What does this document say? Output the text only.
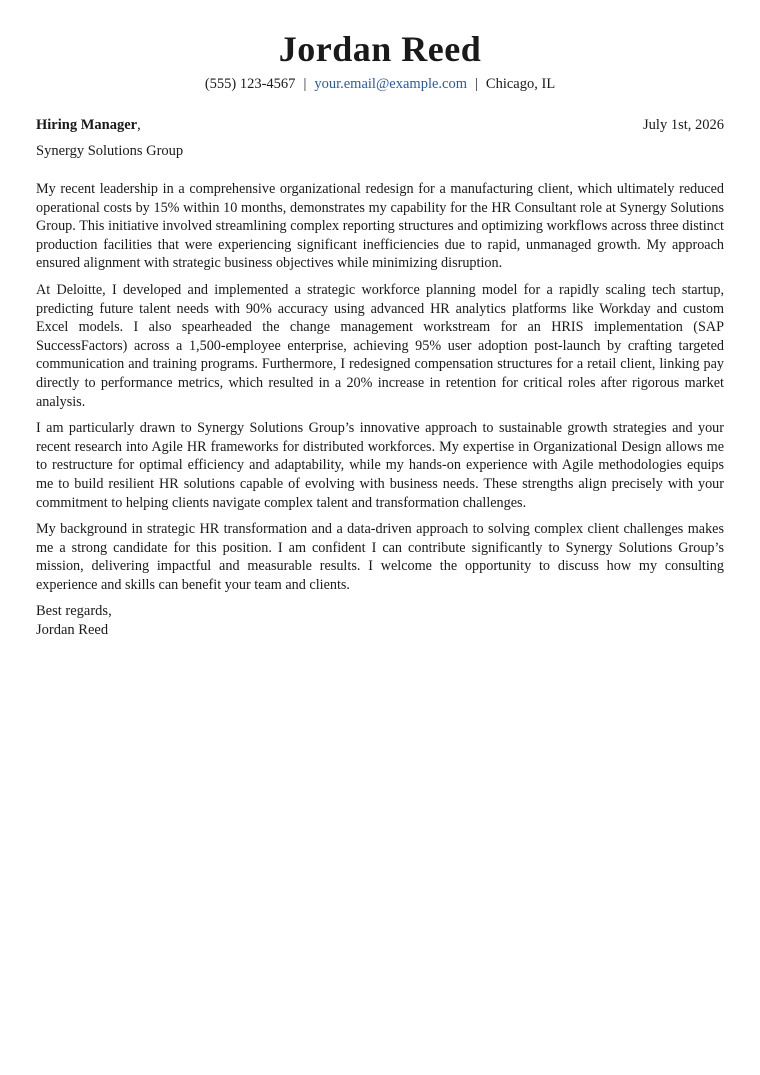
Jordan Reed
(555) 123-4567 | your.email@example.com | Chicago, IL
Hiring Manager,	July 1st, 2026
Synergy Solutions Group

My recent leadership in a comprehensive organizational redesign for a manufacturing client, which ultimately reduced operational costs by 15% within 10 months, demonstrates my capability for the HR Consultant role at Synergy Solutions Group. This initiative involved streamlining complex reporting structures and optimizing workflows across three distinct production facilities that were experiencing significant inefficiencies due to rapid, unmanaged growth. My approach ensured alignment with strategic business objectives while minimizing disruption.

At Deloitte, I developed and implemented a strategic workforce planning model for a rapidly scaling tech startup, predicting future talent needs with 90% accuracy using advanced HR analytics platforms like Workday and custom Excel models. I also spearheaded the change management workstream for an HRIS implementation (SAP SuccessFactors) across a 1,500-employee enterprise, achieving 95% user adoption post-launch by crafting targeted communication and training programs. Furthermore, I redesigned compensation structures for a retail client, linking pay directly to performance metrics, which resulted in a 20% increase in retention for critical roles after rigorous market analysis.

I am particularly drawn to Synergy Solutions Group’s innovative approach to sustainable growth strategies and your recent research into Agile HR frameworks for distributed workforces. My expertise in Organizational Design allows me to restructure for optimal efficiency and adaptability, while my hands-on experience with Agile methodologies equips me to build resilient HR solutions capable of evolving with business needs. These strengths align precisely with your commitment to helping clients navigate complex talent and transformation challenges.

My background in strategic HR transformation and a data-driven approach to solving complex client challenges makes me a strong candidate for this position. I am confident I can contribute significantly to Synergy Solutions Group’s mission, delivering impactful and measurable results. I welcome the opportunity to discuss how my consulting experience and skills can benefit your team and clients.

Best regards,
Jordan Reed
